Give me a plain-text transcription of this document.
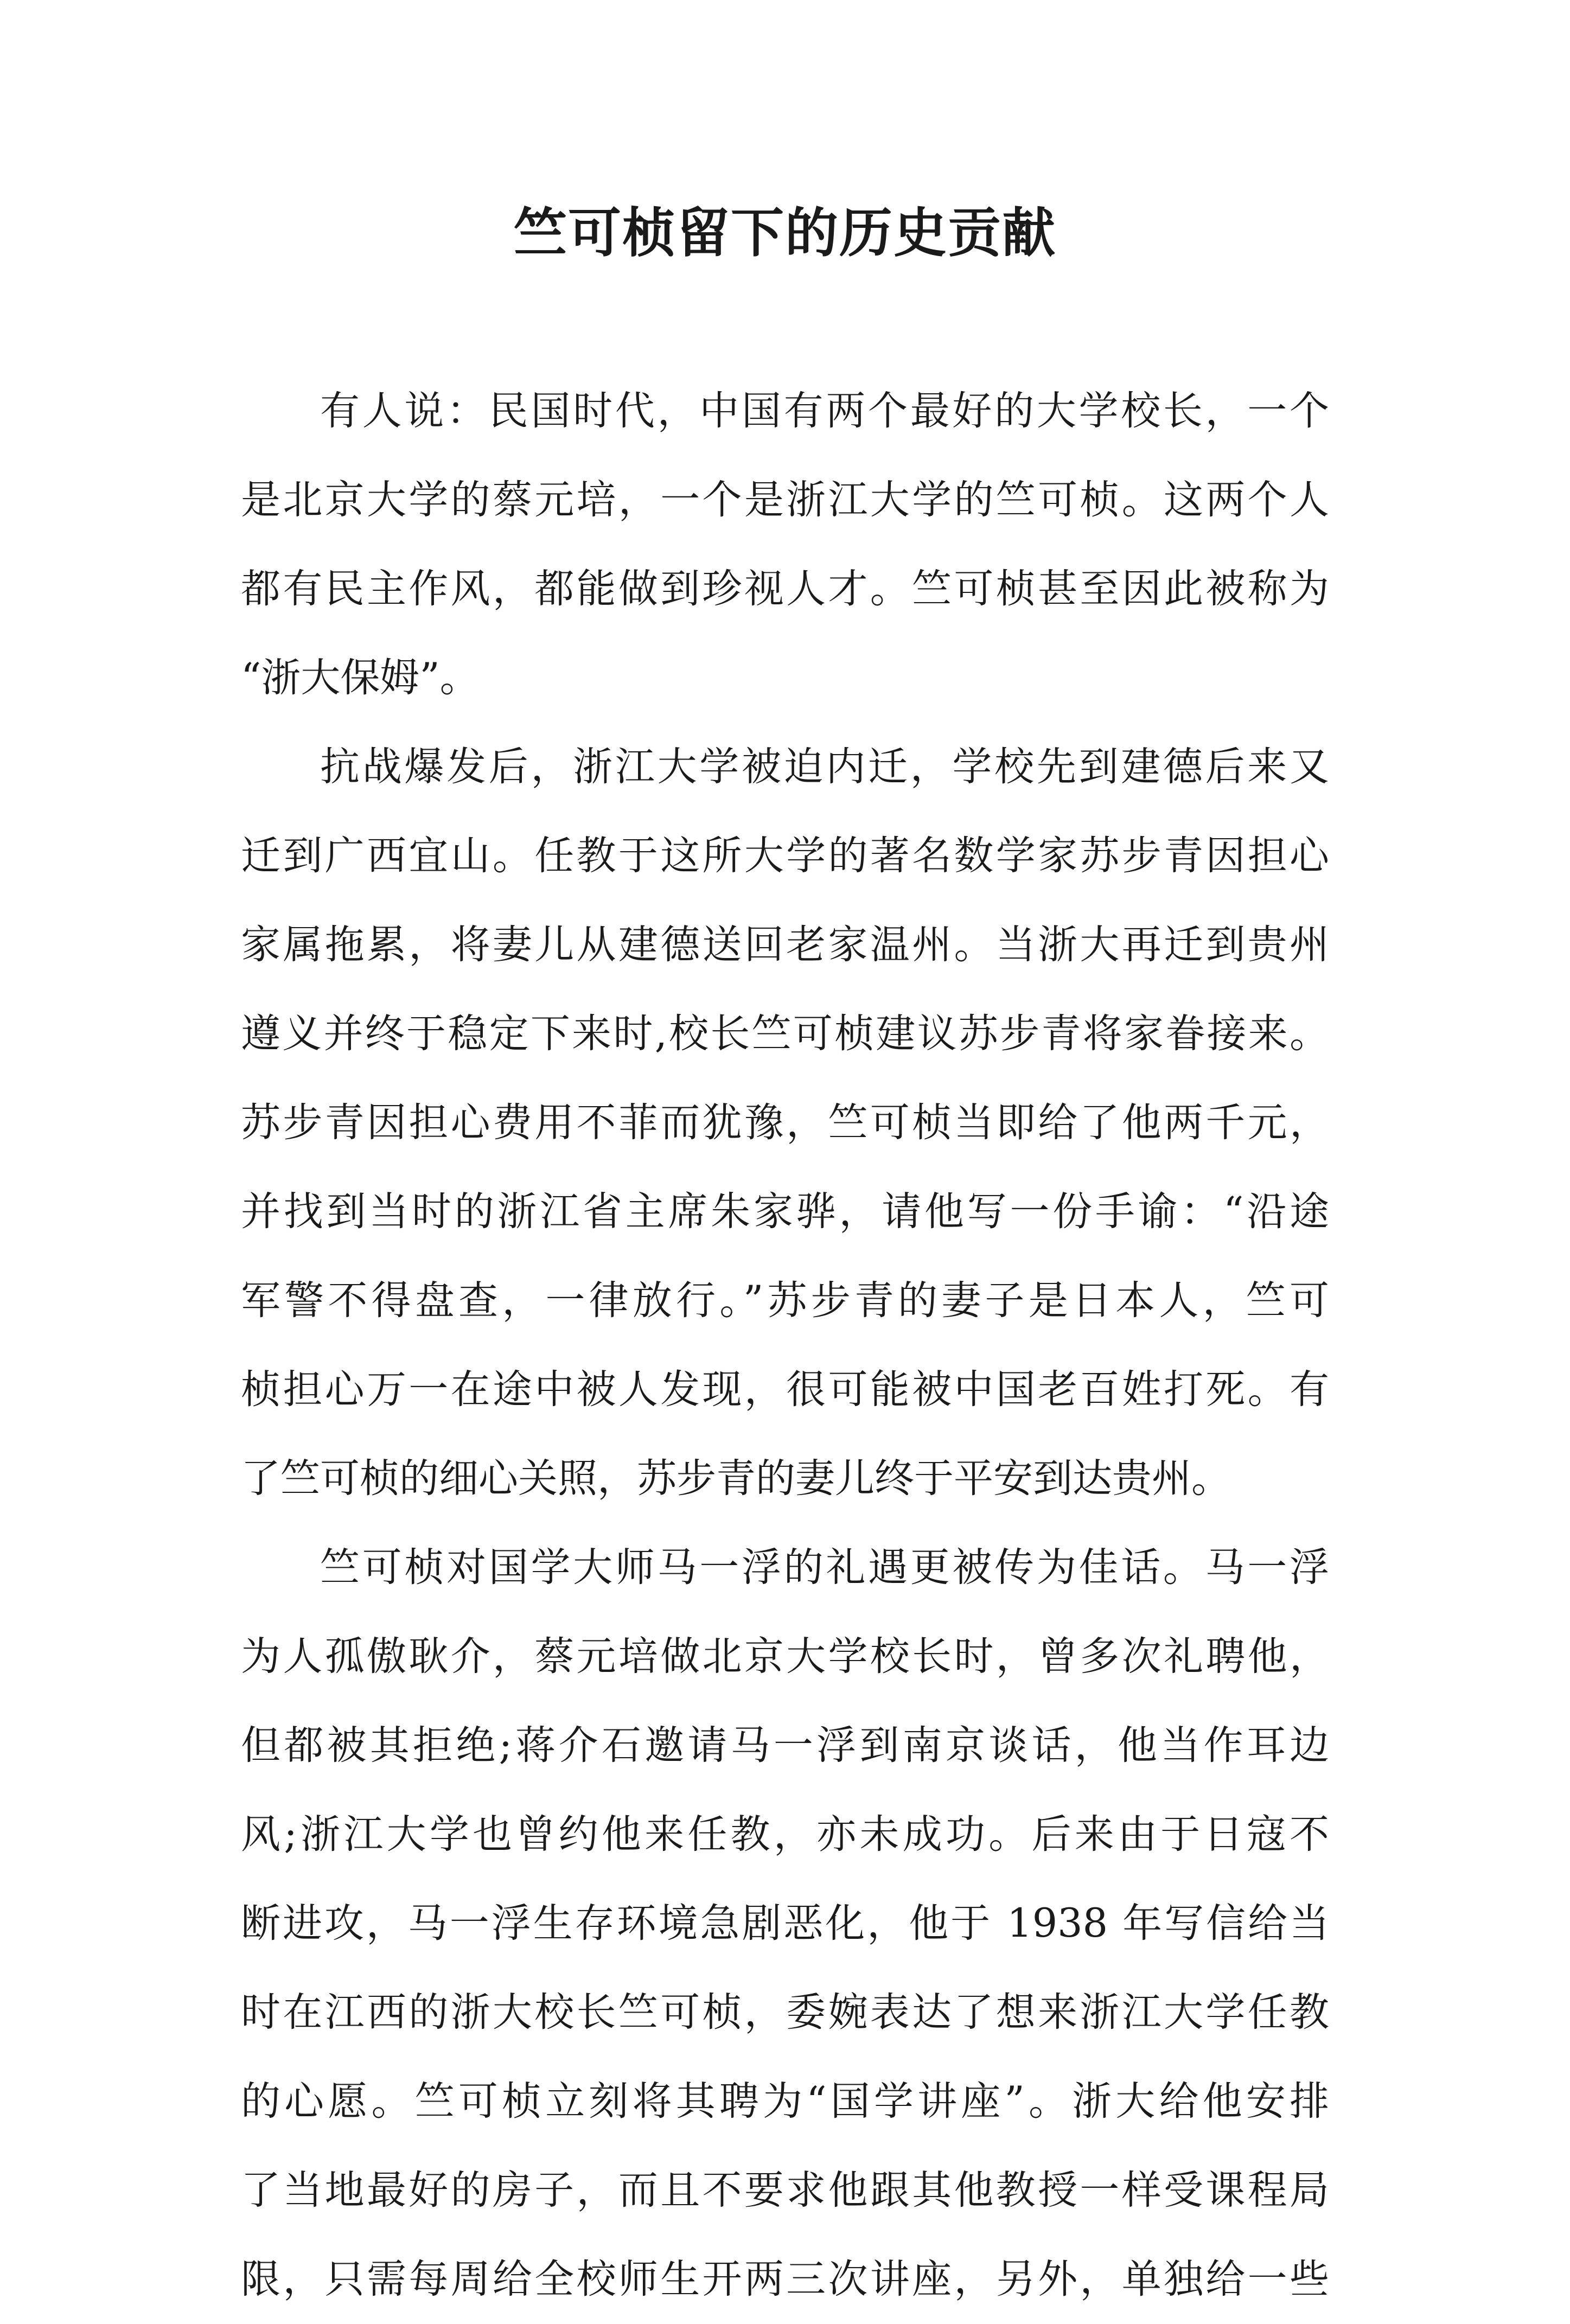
竺可桢留下的历史贡献
有人说：民国时代，中国有两个最好的大学校长，一个
是北京大学的蔡元培，一个是浙江大学的竺可桢。这两个人
都有民主作风，都能做到珍视人才。竺可桢甚至因此被称为
“浙大保姆”。
抗战爆发后，浙江大学被迫内迁，学校先到建德后来又
迁到广西宜山。任教于这所大学的著名数学家苏步青因担心
家属拖累，将妻儿从建德送回老家温州。当浙大再迁到贵州
遵义并终于稳定下来时,校长竺可桢建议苏步青将家眷接来。
苏步青因担心费用不菲而犹豫，竺可桢当即给了他两千元，
并找到当时的浙江省主席朱家骅，请他写一份手谕：“沿途
军警不得盘查，一律放行。”苏步青的妻子是日本人，竺可
桢担心万一在途中被人发现，很可能被中国老百姓打死。有
了竺可桢的细心关照，苏步青的妻儿终于平安到达贵州。
竺可桢对国学大师马一浮的礼遇更被传为佳话。马一浮
为人孤傲耿介，蔡元培做北京大学校长时，曾多次礼聘他，
但都被其拒绝;蒋介石邀请马一浮到南京谈话，他当作耳边
风;浙江大学也曾约他来任教，亦未成功。后来由于日寇不
断进攻，马一浮生存环境急剧恶化，他于 1938 年写信给当
时在江西的浙大校长竺可桢，委婉表达了想来浙江大学任教
的心愿。竺可桢立刻将其聘为“国学讲座”。浙大给他安排
了当地最好的房子，而且不要求他跟其他教授一样受课程局
限，只需每周给全校师生开两三次讲座，另外，单独给一些
